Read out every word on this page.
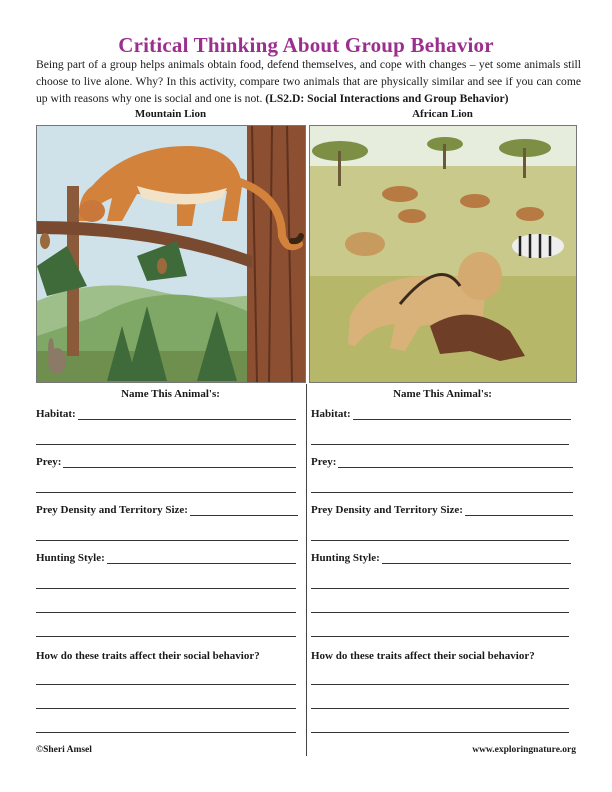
Critical Thinking About Group Behavior
Being part of a group helps animals obtain food, defend themselves, and cope with changes – yet some animals still choose to live alone. Why? In this activity, compare two animals that are physically similar and see if you can come up with reasons why one is social and one is not. (LS2.D: Social Interactions and Group Behavior)
Mountain Lion	African Lion
Name This Animal's:
Habitat:
Prey:
Prey Density and Territory Size:
Hunting Style:
How do these traits affect their social behavior?
Name This Animal's:
Habitat:
Prey:
Prey Density and Territory Size:
Hunting Style:
How do these traits affect their social behavior?
©Sheri Amsel	www.exploringnature.org
